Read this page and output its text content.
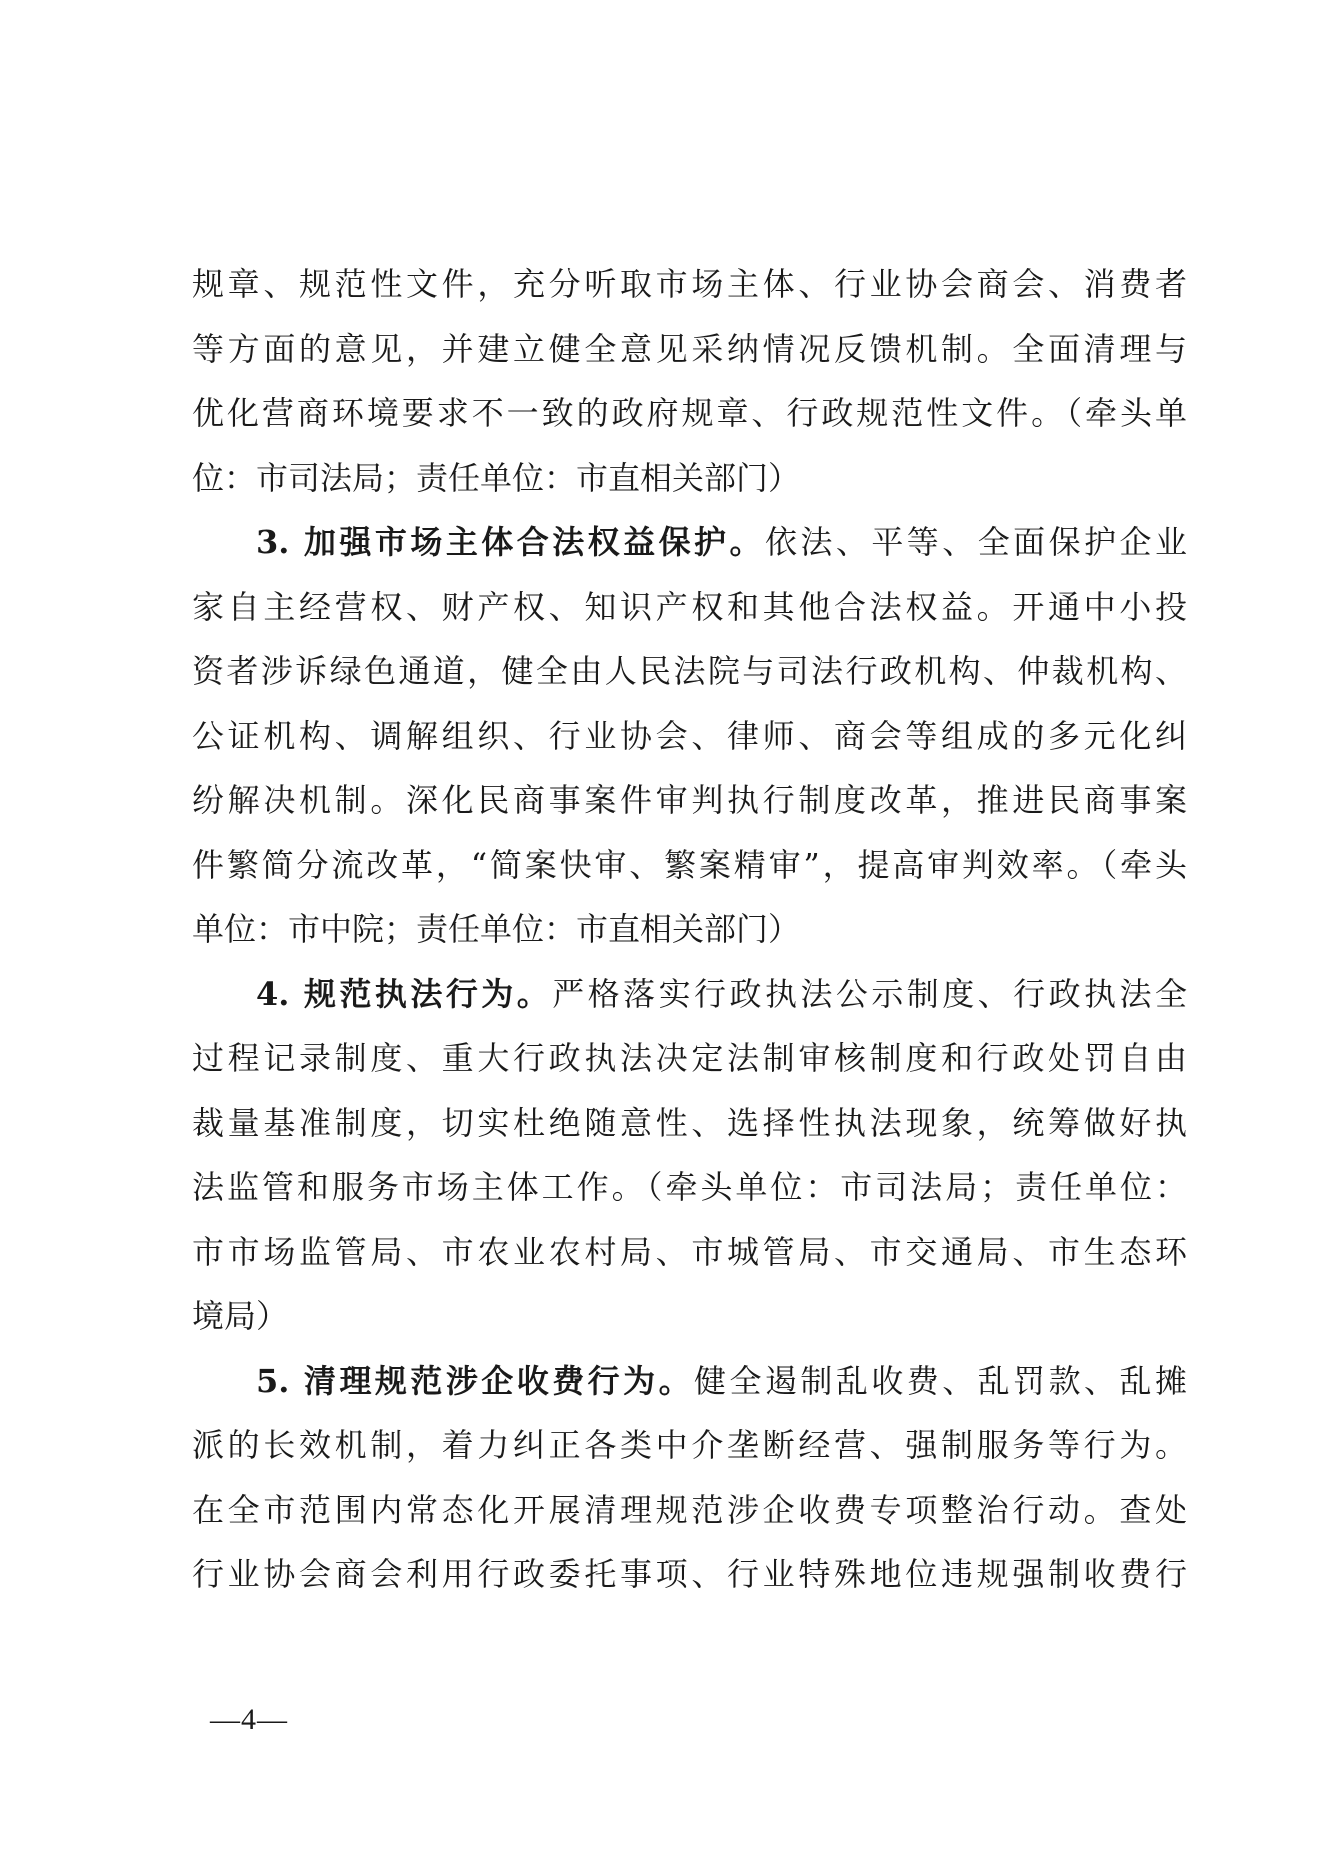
规章、规范性文件，充分听取市场主体、行业协会商会、消费者
等方面的意见，并建立健全意见采纳情况反馈机制。全面清理与
优化营商环境要求不一致的政府规章、行政规范性文件。（牵头单
位：市司法局；责任单位：市直相关部门）
3. 加强市场主体合法权益保护。依法、平等、全面保护企业
家自主经营权、财产权、知识产权和其他合法权益。开通中小投
资者涉诉绿色通道，健全由人民法院与司法行政机构、仲裁机构、
公证机构、调解组织、行业协会、律师、商会等组成的多元化纠
纷解决机制。深化民商事案件审判执行制度改革，推进民商事案
件繁简分流改革，“简案快审、繁案精审”，提高审判效率。（牵头
单位：市中院；责任单位：市直相关部门）
4. 规范执法行为。严格落实行政执法公示制度、行政执法全
过程记录制度、重大行政执法决定法制审核制度和行政处罚自由
裁量基准制度，切实杜绝随意性、选择性执法现象，统筹做好执
法监管和服务市场主体工作。（牵头单位：市司法局；责任单位：
市市场监管局、市农业农村局、市城管局、市交通局、市生态环
境局）
5. 清理规范涉企收费行为。健全遏制乱收费、乱罚款、乱摊
派的长效机制，着力纠正各类中介垄断经营、强制服务等行为。
在全市范围内常态化开展清理规范涉企收费专项整治行动。查处
行业协会商会利用行政委托事项、行业特殊地位违规强制收费行
—4—
